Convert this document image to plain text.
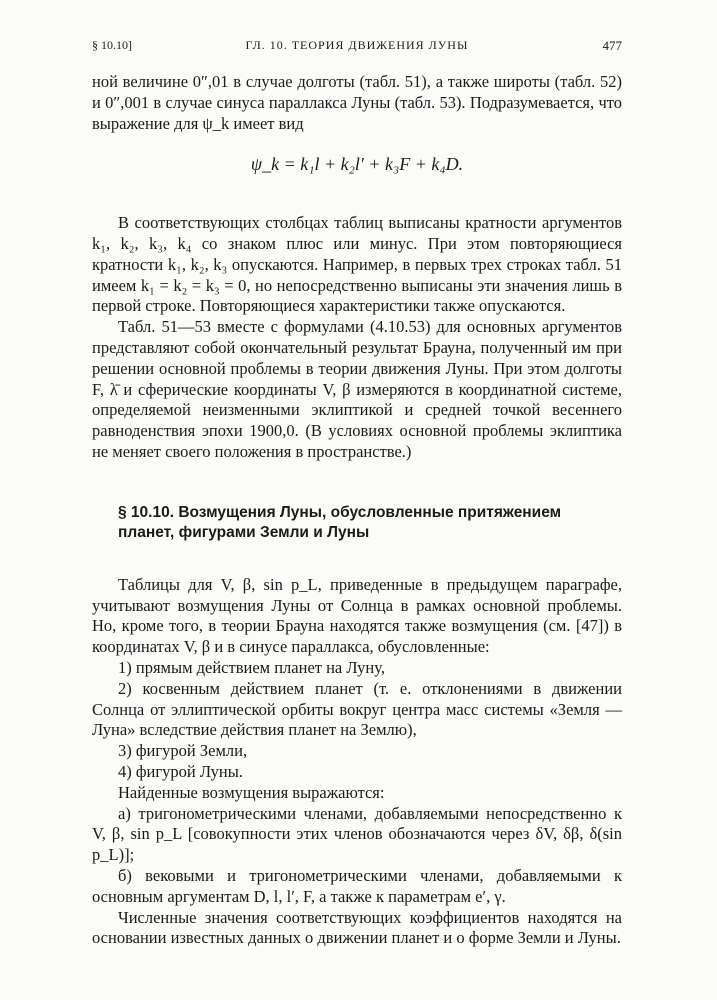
§ 10.10]	ГЛ. 10. ТЕОРИЯ ДВИЖЕНИЯ ЛУНЫ	477

ной величине 0″,01 в случае долготы (табл. 51), а также широты (табл. 52) и 0″,001 в случае синуса параллакса Луны (табл. 53). Подразумевается, что выражение для ψ_k имеет вид

ψ_k = k₁l + k₂l′ + k₃F + k₄D.

В соответствующих столбцах таблиц выписаны кратности аргументов k₁, k₂, k₃, k₄ со знаком плюс или минус. При этом повторяющиеся кратности k₁, k₂, k₃ опускаются. Например, в первых трех строках табл. 51 имеем k₁ = k₂ = k₃ = 0, но непосредственно выписаны эти значения лишь в первой строке. Повторяющиеся характеристики также опускаются.

Табл. 51—53 вместе с формулами (4.10.53) для основных аргументов представляют собой окончательный результат Брауна, полученный им при решении основной проблемы в теории движения Луны. При этом долготы F, λ̄ и сферические координаты V, β измеряются в координатной системе, определяемой неизменными эклиптикой и средней точкой весеннего равноденствия эпохи 1900,0. (В условиях основной проблемы эклиптика не меняет своего положения в пространстве.)

§ 10.10. Возмущения Луны, обусловленные притяжением
планет, фигурами Земли и Луны

Таблицы для V, β, sin p_L, приведенные в предыдущем параграфе, учитывают возмущения Луны от Солнца в рамках основной проблемы. Но, кроме того, в теории Брауна находятся также возмущения (см. [47]) в координатах V, β и в синусе параллакса, обусловленные:

1) прямым действием планет на Луну,

2) косвенным действием планет (т. е. отклонениями в движении Солнца от эллиптической орбиты вокруг центра масс системы «Земля — Луна» вследствие действия планет на Землю),

3) фигурой Земли,

4) фигурой Луны.

Найденные возмущения выражаются:

а) тригонометрическими членами, добавляемыми непосредственно к V, β, sin p_L [совокупности этих членов обозначаются через δV, δβ, δ(sin p_L)];

б) вековыми и тригонометрическими членами, добавляемыми к основным аргументам D, l, l′, F, а также к параметрам e′, γ.

Численные значения соответствующих коэффициентов находятся на основании известных данных о движении планет и о форме Земли и Луны.
